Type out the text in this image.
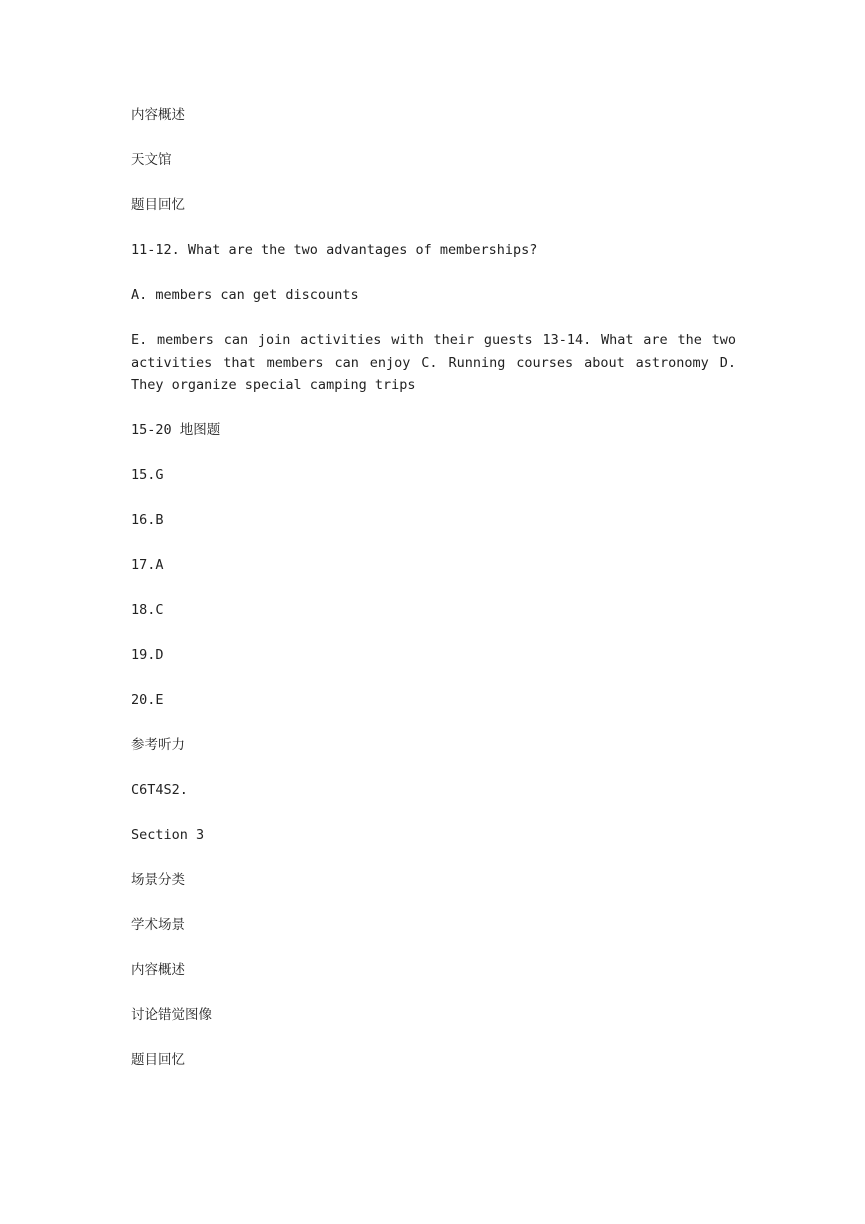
内容概述

天文馆

题目回忆

11-12. What are the two advantages of memberships?

A. members can get discounts

E. members can join activities with their guests 13-14. What are the two activities that members can enjoy C. Running courses about astronomy D. They organize special camping trips

15-20 地图题

15.G

16.B

17.A

18.C

19.D

20.E

参考听力

C6T4S2.

Section 3

场景分类

学术场景

内容概述

讨论错觉图像

题目回忆
